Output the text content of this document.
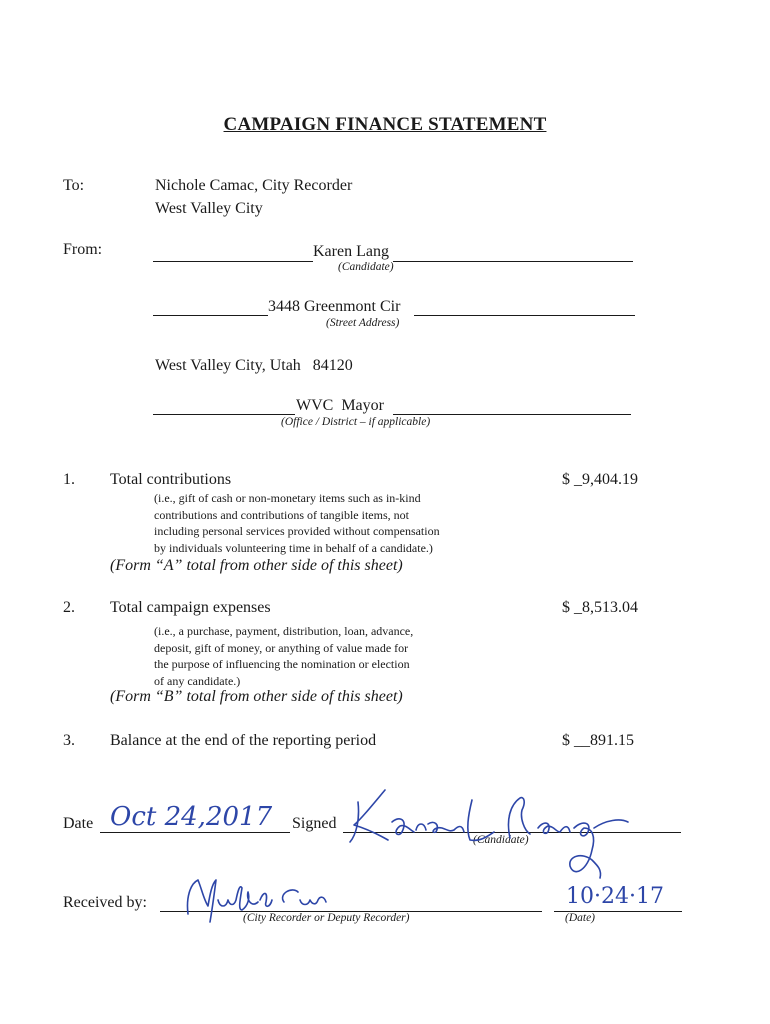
CAMPAIGN FINANCE STATEMENT
To:	Nichole Camac, City Recorder
West Valley City
From:	Karen Lang
(Candidate)
3448 Greenmont Cir
(Street Address)
West Valley City, Utah   84120
WVC  Mayor
(Office / District – if applicable)
1. Total contributions	$ _9,404.19
(i.e., gift of cash or non-monetary items such as in-kind
contributions and contributions of tangible items, not
including personal services provided without compensation
by individuals volunteering time in behalf of a candidate.)
(Form “A” total from other side of this sheet)
2. Total campaign expenses	$ _8,513.04
(i.e., a purchase, payment, distribution, loan, advance,
deposit, gift of money, or anything of value made for
the purpose of influencing the nomination or election
of any candidate.)
(Form “B” total from other side of this sheet)
3. Balance at the end of the reporting period	$ __891.15
Date Oct 24,2017 Signed
(Candidate)
Received by:
(City Recorder or Deputy Recorder)
10·24·17
(Date)
